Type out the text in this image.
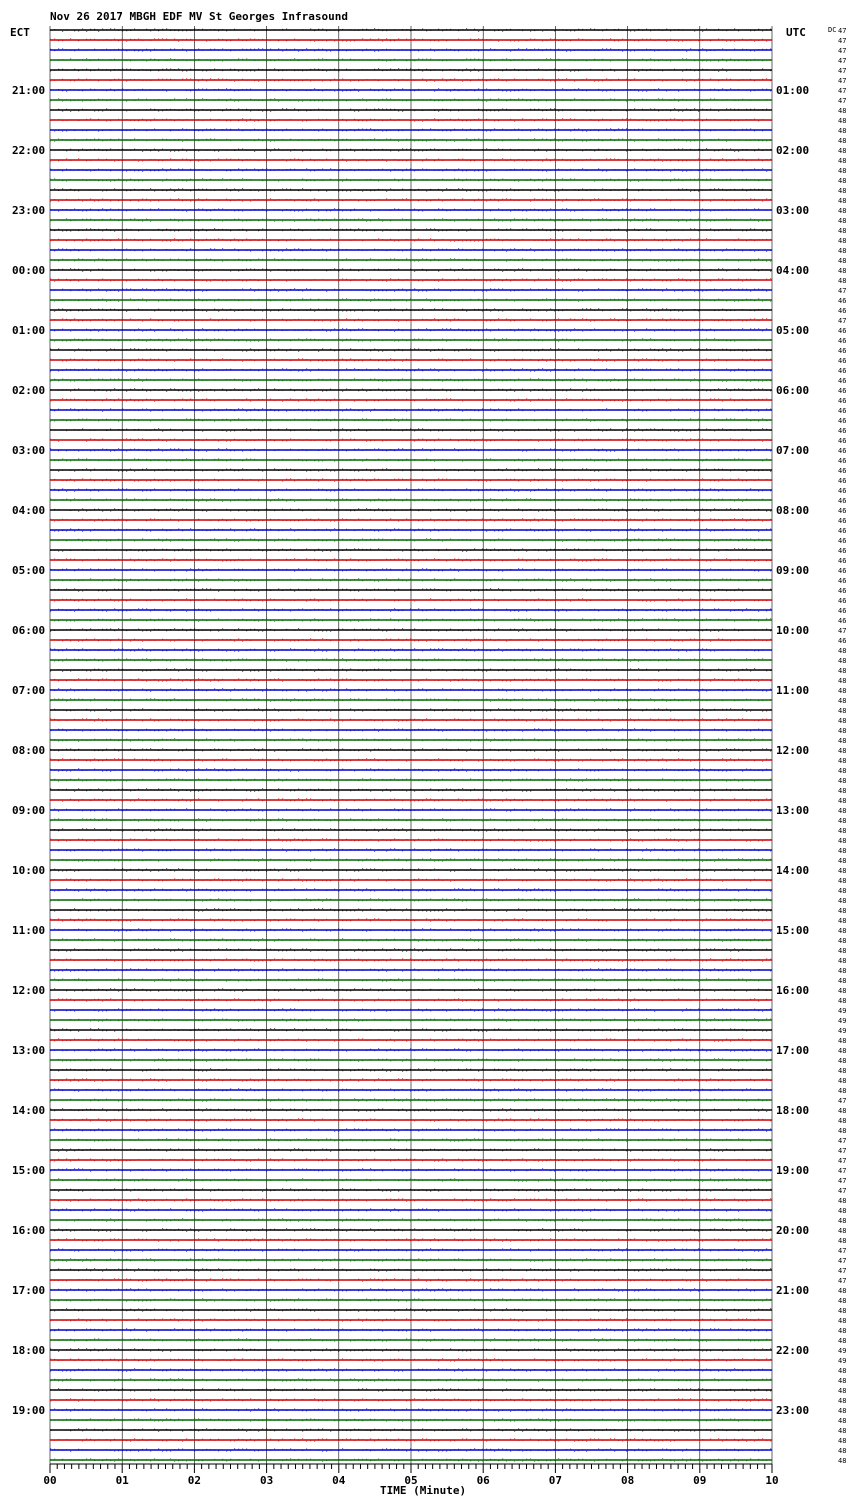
Nov 26 2017 MBGH EDF MV St Georges Infrasound
ECT	UTC	DC
TIME (Minute)
21:00
22:00
23:00
00:00
01:00
02:00
03:00
04:00
05:00
06:00
07:00
08:00
09:00
10:00
11:00
12:00
13:00
14:00
15:00
16:00
17:00
18:00
19:00
01:00
02:00
03:00
04:00
05:00
06:00
07:00
08:00
09:00
10:00
11:00
12:00
13:00
14:00
15:00
16:00
17:00
18:00
19:00
20:00
21:00
22:00
23:00
47
47
47
47
47
47
47
47
48
48
48
48
48
48
48
48
48
48
48
48
48
48
48
48
48
48
47
46
46
47
46
46
46
46
46
46
46
46
46
46
46
46
46
46
46
46
46
46
46
46
46
46
46
46
46
46
46
46
46
46
47
46
48
48
48
48
48
48
48
48
48
48
48
48
48
48
48
48
48
48
48
48
48
48
48
48
48
48
48
48
48
48
48
48
48
48
48
48
49
49
49
48
48
48
48
48
48
47
48
48
48
47
47
47
47
47
47
48
48
48
48
48
47
47
47
47
48
48
48
48
48
48
49
49
48
48
48
48
48
48
48
48
48
48
00	01	02	03	04	05	06	07	08	09	10
